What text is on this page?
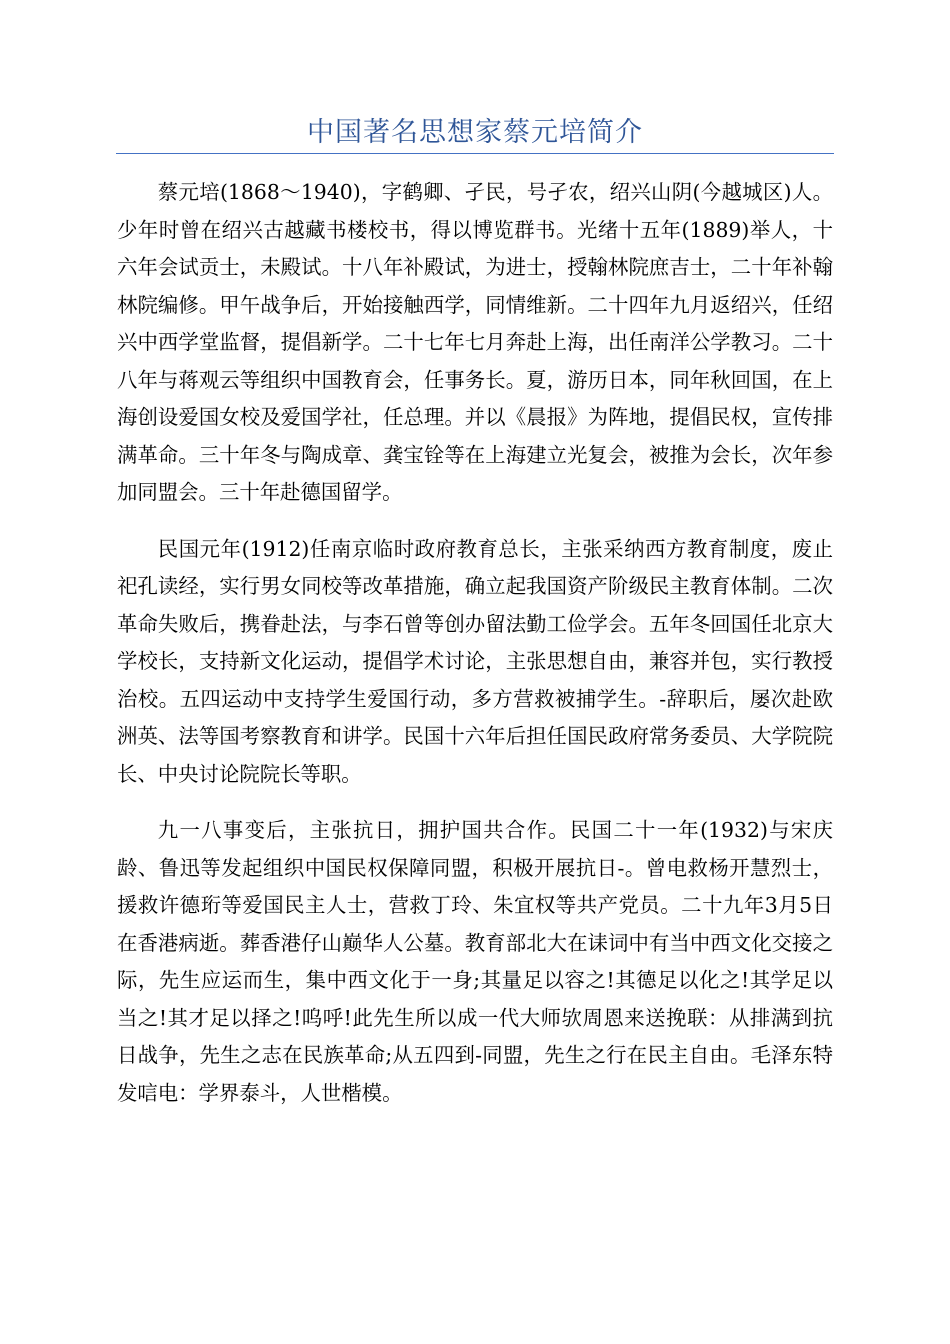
中国著名思想家蔡元培简介

蔡元培(1868～1940)，字鹤卿、孑民，号孑农，绍兴山阴(今越城区)人。少年时曾在绍兴古越藏书楼校书，得以博览群书。光绪十五年(1889)举人，十六年会试贡士，未殿试。十八年补殿试，为进士，授翰林院庶吉士，二十年补翰林院编修。甲午战争后，开始接触西学，同情维新。二十四年九月返绍兴，任绍兴中西学堂监督，提倡新学。二十七年七月奔赴上海，出任南洋公学教习。二十八年与蒋观云等组织中国教育会，任事务长。夏，游历日本，同年秋回国，在上海创设爱国女校及爱国学社，任总理。并以《晨报》为阵地，提倡民权，宣传排满革命。三十年冬与陶成章、龚宝铨等在上海建立光复会，被推为会长，次年参加同盟会。三十年赴德国留学。

民国元年(1912)任南京临时政府教育总长，主张采纳西方教育制度，废止祀孔读经，实行男女同校等改革措施，确立起我国资产阶级民主教育体制。二次革命失败后，携眷赴法，与李石曾等创办留法勤工俭学会。五年冬回国任北京大学校长，支持新文化运动，提倡学术讨论，主张思想自由，兼容并包，实行教授治校。五四运动中支持学生爱国行动，多方营救被捕学生。-辞职后，屡次赴欧洲英、法等国考察教育和讲学。民国十六年后担任国民政府常务委员、大学院院长、中央讨论院院长等职。

九一八事变后，主张抗日，拥护国共合作。民国二十一年(1932)与宋庆龄、鲁迅等发起组织中国民权保障同盟，积极开展抗日-。曾电救杨开慧烈士，援救许德珩等爱国民主人士，营救丁玲、朱宜权等共产党员。二十九年3月5日在香港病逝。葬香港仔山巅华人公墓。教育部北大在诔词中有当中西文化交接之际，先生应运而生，集中西文化于一身;其量足以容之!其德足以化之!其学足以当之!其才足以择之!呜呼!此先生所以成一代大师欤周恩来送挽联：从排满到抗日战争，先生之志在民族革命;从五四到-同盟，先生之行在民主自由。毛泽东特发唁电：学界泰斗，人世楷模。
